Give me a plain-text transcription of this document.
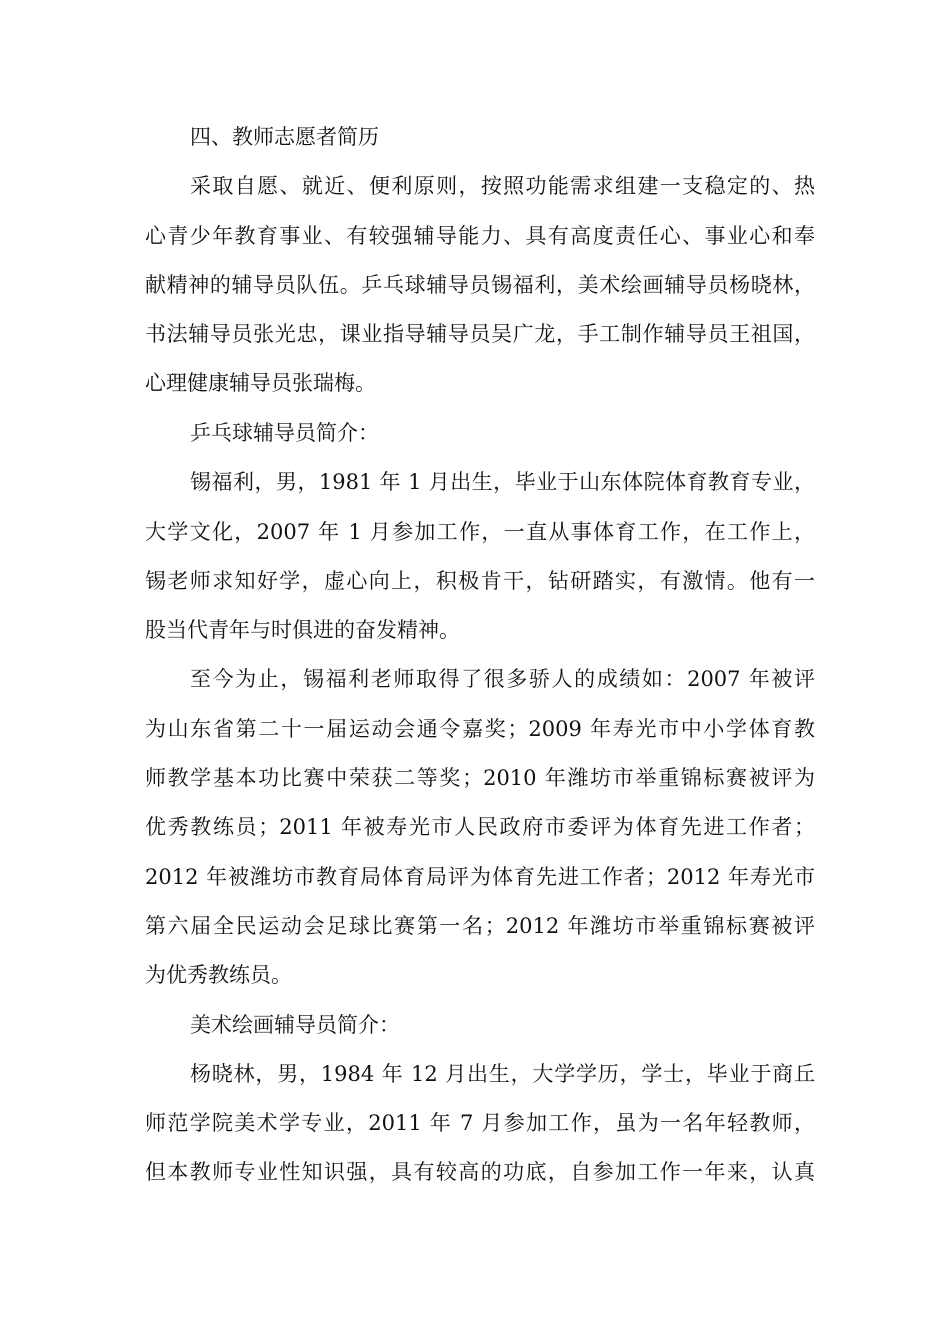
四、教师志愿者简历
采取自愿、就近、便利原则，按照功能需求组建一支稳定的、热
心青少年教育事业、有较强辅导能力、具有高度责任心、事业心和奉
献精神的辅导员队伍。乒乓球辅导员锡福利，美术绘画辅导员杨晓林，
书法辅导员张光忠，课业指导辅导员吴广龙，手工制作辅导员王祖国，
心理健康辅导员张瑞梅。
乒乓球辅导员简介：
锡福利，男，1981 年 1 月出生，毕业于山东体院体育教育专业，
大学文化，2007 年 1 月参加工作，一直从事体育工作，在工作上，
锡老师求知好学，虚心向上，积极肯干，钻研踏实，有激情。他有一
股当代青年与时俱进的奋发精神。
至今为止，锡福利老师取得了很多骄人的成绩如：2007 年被评
为山东省第二十一届运动会通令嘉奖；2009 年寿光市中小学体育教
师教学基本功比赛中荣获二等奖；2010 年潍坊市举重锦标赛被评为
优秀教练员；2011 年被寿光市人民政府市委评为体育先进工作者；
2012 年被潍坊市教育局体育局评为体育先进工作者；2012 年寿光市
第六届全民运动会足球比赛第一名；2012 年潍坊市举重锦标赛被评
为优秀教练员。
美术绘画辅导员简介：
杨晓林，男，1984 年 12 月出生，大学学历，学士，毕业于商丘
师范学院美术学专业，2011 年 7 月参加工作，虽为一名年轻教师，
但本教师专业性知识强，具有较高的功底，自参加工作一年来，认真
